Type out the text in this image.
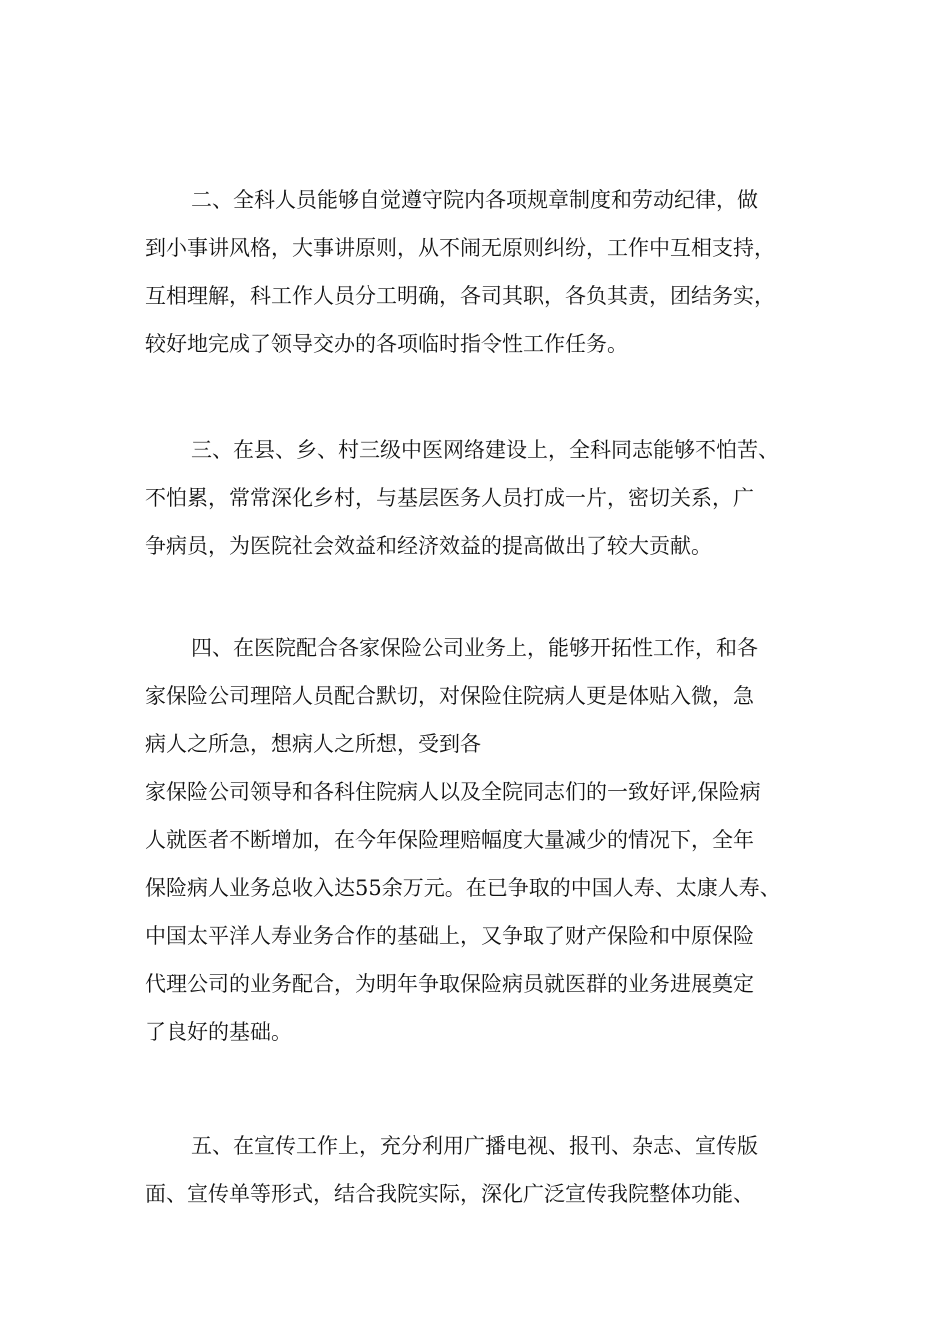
二、全科人员能够自觉遵守院内各项规章制度和劳动纪律，做
到小事讲风格，大事讲原则，从不闹无原则纠纷，工作中互相支持，
互相理解，科工作人员分工明确，各司其职，各负其责，团结务实，
较好地完成了领导交办的各项临时指令性工作任务。
三、在县、乡、村三级中医网络建设上，全科同志能够不怕苦、
不怕累，常常深化乡村，与基层医务人员打成一片，密切关系，广
争病员，为医院社会效益和经济效益的提高做出了较大贡献。
四、在医院配合各家保险公司业务上，能够开拓性工作，和各
家保险公司理陪人员配合默切，对保险住院病人更是体贴入微，急
病人之所急，想病人之所想，受到各
家保险公司领导和各科住院病人以及全院同志们的一致好评,保险病
人就医者不断增加，在今年保险理赔幅度大量减少的情况下，全年
保险病人业务总收入达55余万元。在已争取的中国人寿、太康人寿、
中国太平洋人寿业务合作的基础上，又争取了财产保险和中原保险
代理公司的业务配合，为明年争取保险病员就医群的业务进展奠定
了良好的基础。
五、在宣传工作上，充分利用广播电视、报刊、杂志、宣传版
面、宣传单等形式，结合我院实际，深化广泛宣传我院整体功能、
